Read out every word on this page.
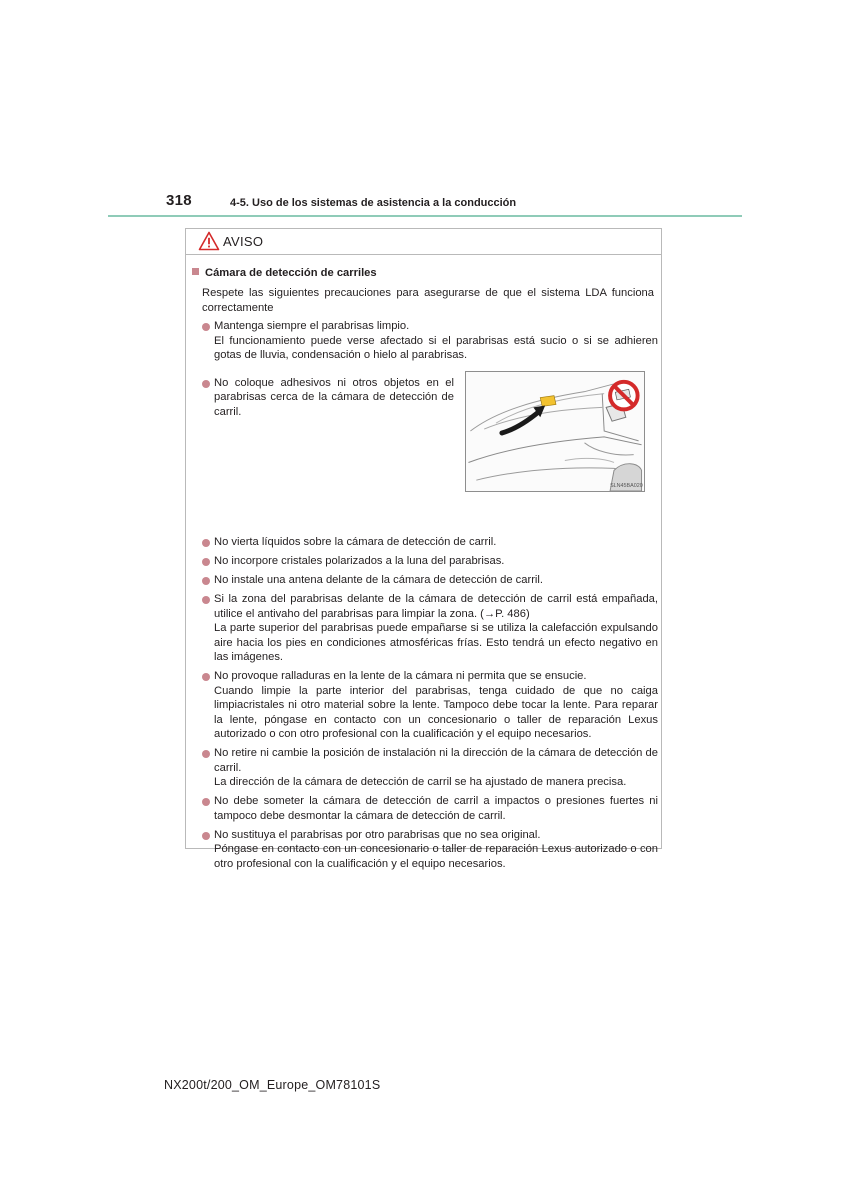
318	4-5. Uso de los sistemas de asistencia a la conducción
AVISO
Cámara de detección de carriles
Respete las siguientes precauciones para asegurarse de que el sistema LDA funciona correctamente
Mantenga siempre el parabrisas limpio.
El funcionamiento puede verse afectado si el parabrisas está sucio o si se adhieren gotas de lluvia, condensación o hielo al parabrisas.
No coloque adhesivos ni otros objetos en el parabrisas cerca de la cámara de detección de carril.
No vierta líquidos sobre la cámara de detección de carril.
No incorpore cristales polarizados a la luna del parabrisas.
No instale una antena delante de la cámara de detección de carril.
Si la zona del parabrisas delante de la cámara de detección de carril está empañada, utilice el antivaho del parabrisas para limpiar la zona. (→P. 486)
La parte superior del parabrisas puede empañarse si se utiliza la calefacción expulsando aire hacia los pies en condiciones atmosféricas frías. Esto tendrá un efecto negativo en las imágenes.
No provoque ralladuras en la lente de la cámara ni permita que se ensucie.
Cuando limpie la parte interior del parabrisas, tenga cuidado de que no caiga limpiacristales ni otro material sobre la lente. Tampoco debe tocar la lente. Para reparar la lente, póngase en contacto con un concesionario o taller de reparación Lexus autorizado o con otro profesional con la cualificación y el equipo necesarios.
No retire ni cambie la posición de instalación ni la dirección de la cámara de detección de carril.
La dirección de la cámara de detección de carril se ha ajustado de manera precisa.
No debe someter la cámara de detección de carril a impactos o presiones fuertes ni tampoco debe desmontar la cámara de detección de carril.
No sustituya el parabrisas por otro parabrisas que no sea original.
Póngase en contacto con un concesionario o taller de reparación Lexus autorizado o con otro profesional con la cualificación y el equipo necesarios.
SLN45BA020
NX200t/200_OM_Europe_OM78101S
